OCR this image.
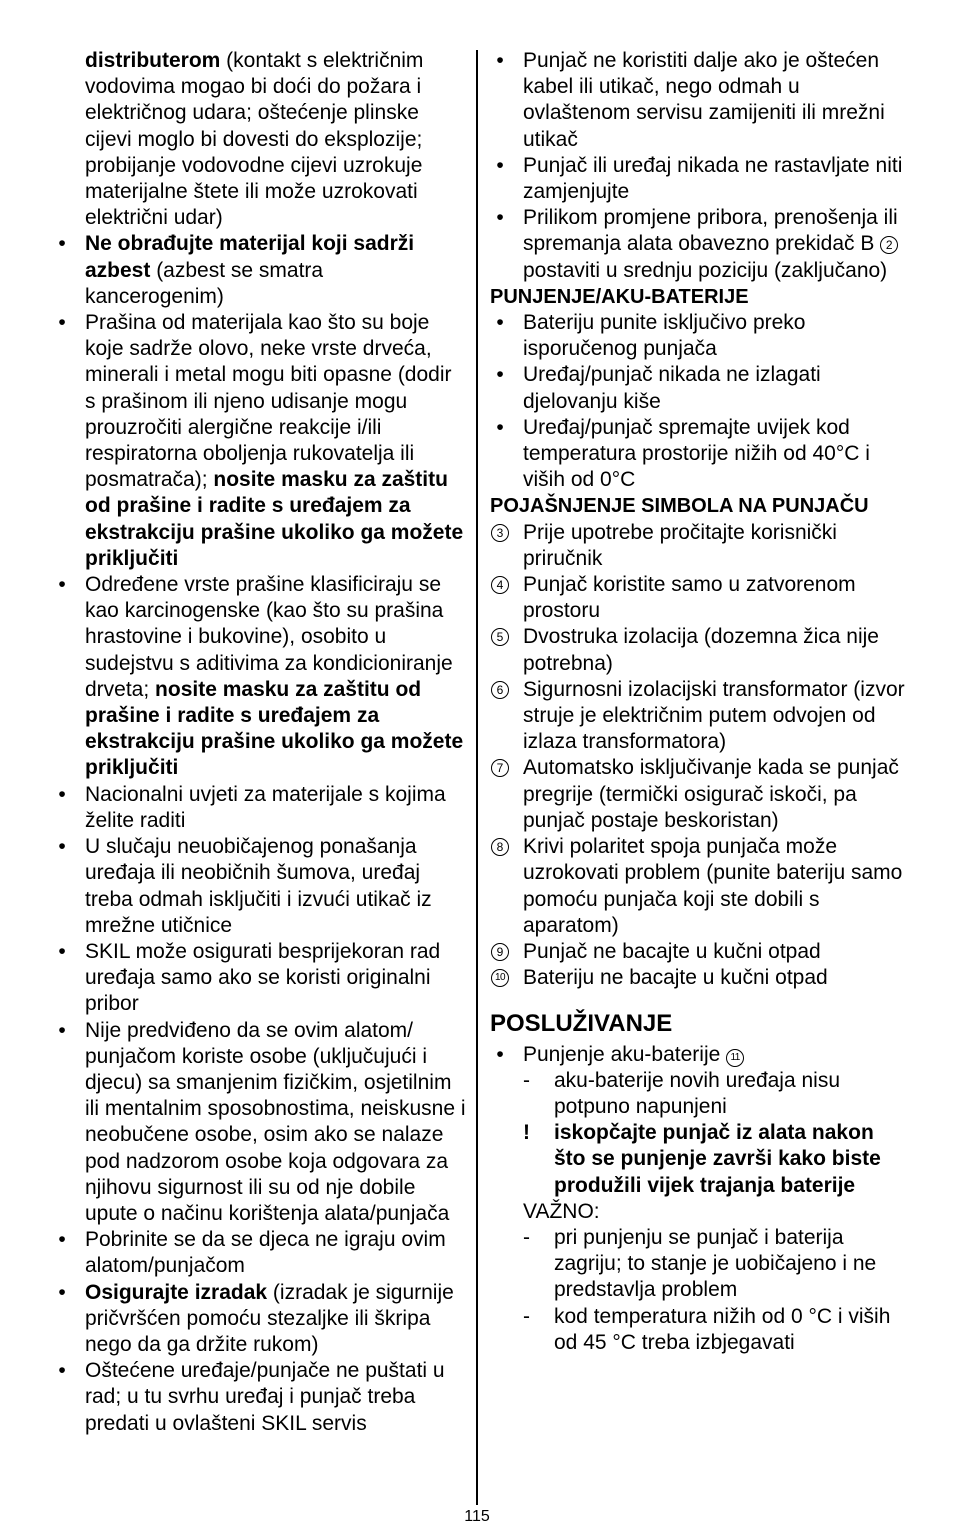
distributerom (kontakt s električnim vodovima mogao bi doći do požara i električnog udara; oštećenje plinske cijevi moglo bi dovesti do eksplozije; probijanje vodovodne cijevi uzrokuje materijalne štete ili može uzrokovati električni udar)
• Ne obrađujte materijal koji sadrži azbest (azbest se smatra kancerogenim)
• Prašina od materijala kao što su boje koje sadrže olovo, neke vrste drveća, minerali i metal mogu biti opasne (dodir s prašinom ili njeno udisanje mogu prouzročiti alergične reakcije i/ili respiratorna oboljenja rukovatelja ili posmatrača); nosite masku za zaštitu od prašine i radite s uređajem za ekstrakciju prašine ukoliko ga možete priključiti
• Određene vrste prašine klasificiraju se kao karcinogenske (kao što su prašina hrastovine i bukovine), osobito u sudejstvu s aditivima za kondicioniranje drveta; nosite masku za zaštitu od prašine i radite s uređajem za ekstrakciju prašine ukoliko ga možete priključiti
• Nacionalni uvjeti za materijale s kojima želite raditi
• U slučaju neuobičajenog ponašanja uređaja ili neobičnih šumova, uređaj treba odmah isključiti i izvući utikač iz mrežne utičnice
• SKIL može osigurati besprijekoran rad uređaja samo ako se koristi originalni pribor
• Nije predviđeno da se ovim alatom/ punjačom koriste osobe (uključujući i djecu) sa smanjenim fizičkim, osjetilnim ili mentalnim sposobnostima, neiskusne i neobučene osobe, osim ako se nalaze pod nadzorom osobe koja odgovara za njihovu sigurnost ili su od nje dobile upute o načinu korištenja alata/punjača
• Pobrinite se da se djeca ne igraju ovim alatom/punjačom
• Osigurajte izradak (izradak je sigurnije pričvršćen pomoću stezaljke ili škripa nego da ga držite rukom)
• Oštećene uređaje/punjače ne puštati u rad; u tu svrhu uređaj i punjač treba predati u ovlašteni SKIL servis
• Punjač ne koristiti dalje ako je oštećen kabel ili utikač, nego odmah u ovlaštenom servisu zamijeniti ili mrežni utikač
• Punjač ili uređaj nikada ne rastavljate niti zamjenjujte
• Prilikom promjene pribora, prenošenja ili spremanja alata obavezno prekidač B 2 postaviti u srednju poziciju (zaključano)
PUNJENJE/AKU-BATERIJE
• Bateriju punite isključivo preko isporučenog punjača
• Uređaj/punjač nikada ne izlagati djelovanju kiše
• Uređaj/punjač spremajte uvijek kod temperatura prostorije nižih od 40°C i viših od 0°C
POJAŠNJENJE SIMBOLA NA PUNJAČU
3 Prije upotrebe pročitajte korisnički priručnik
4 Punjač koristite samo u zatvorenom prostoru
5 Dvostruka izolacija (dozemna žica nije potrebna)
6 Sigurnosni izolacijski transformator (izvor struje je električnim putem odvojen od izlaza transformatora)
7 Automatsko isključivanje kada se punjač pregrije (termički osigurač iskoči, pa punjač postaje beskoristan)
8 Krivi polaritet spoja punjača može uzrokovati problem (punite bateriju samo pomoću punjača koji ste dobili s aparatom)
9 Punjač ne bacajte u kučni otpad
10 Bateriju ne bacajte u kučni otpad
POSLUŽIVANJE
• Punjenje aku-baterije 11
- aku-baterije novih uređaja nisu potpuno napunjeni
! iskopčajte punjač iz alata nakon što se punjenje završi kako biste produžili vijek trajanja baterije
VAŽNO:
- pri punjenju se punjač i baterija zagriju; to stanje je uobičajeno i ne predstavlja problem
- kod temperatura nižih od 0 °C i viših od 45 °C treba izbjegavati
115
